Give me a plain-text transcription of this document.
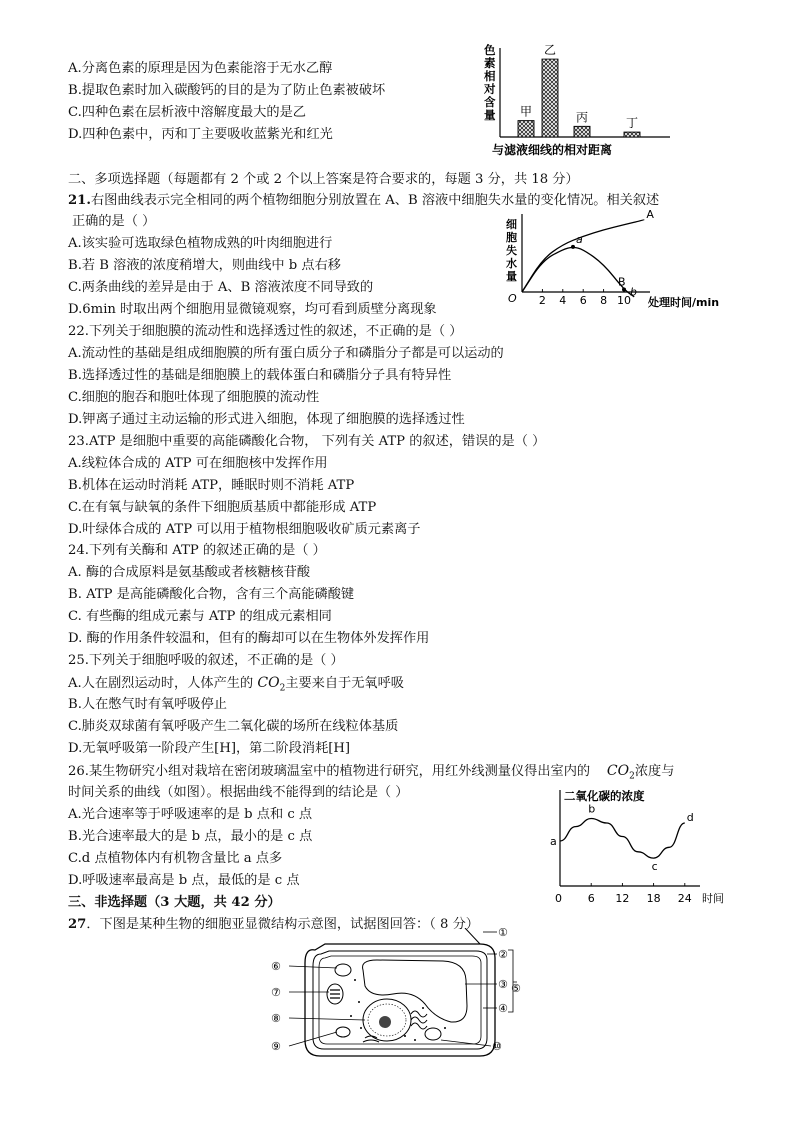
A.分离色素的原理是因为色素能溶于无水乙醇
B.提取色素时加入碳酸钙的目的是为了防止色素被破坏
C.四种色素在层析液中溶解度最大的是乙
D.四种色素中，丙和丁主要吸收蓝紫光和红光
色素相对含量 甲
乙
丙	丁
与滤液细线的相对距离
二、多项选择题（每题都有 2 个或 2 个以上答案是符合要求的，每题 3 分，共 18 分）
21.右图曲线表示完全相同的两个植物细胞分别放置在 A、B 溶液中细胞失水量的变化情况。相关叙述
正确的是（ ）
A.该实验可选取绿色植物成熟的叶肉细胞进行
B.若 B 溶液的浓度稍增大，则曲线中 b 点右移
C.两条曲线的差异是由于 A、B 溶液浓度不同导致的
D.6min 时取出两个细胞用显微镜观察，均可看到质壁分离现象
细胞失水量
O 2 4 6 8 10
A
a
B
b
处理时间/min
22.下列关于细胞膜的流动性和选择透过性的叙述，不正确的是（ ）
A.流动性的基础是组成细胞膜的所有蛋白质分子和磷脂分子都是可以运动的
B.选择透过性的基础是细胞膜上的载体蛋白和磷脂分子具有特异性
C.细胞的胞吞和胞吐体现了细胞膜的流动性
D.钾离子通过主动运输的形式进入细胞，体现了细胞膜的选择透过性
23.ATP 是细胞中重要的高能磷酸化合物， 下列有关 ATP 的叙述，错误的是（ ）
A.线粒体合成的 ATP 可在细胞核中发挥作用
B.机体在运动时消耗 ATP，睡眠时则不消耗 ATP
C.在有氧与缺氧的条件下细胞质基质中都能形成 ATP
D.叶绿体合成的 ATP 可以用于植物根细胞吸收矿质元素离子
24.下列有关酶和 ATP 的叙述正确的是（ ）
A. 酶的合成原料是氨基酸或者核糖核苷酸
B. ATP 是高能磷酸化合物，含有三个高能磷酸键
C. 有些酶的组成元素与 ATP 的组成元素相同
D. 酶的作用条件较温和，但有的酶却可以在生物体外发挥作用
25.下列关于细胞呼吸的叙述，不正确的是（ ）
A.人在剧烈运动时，人体产生的 $CO_2$主要来自于无氧呼吸
B.人在憋气时有氧呼吸停止
C.肺炎双球菌有氧呼吸产生二氧化碳的场所在线粒体基质
D.无氧呼吸第一阶段产生[H]，第二阶段消耗[H]
26.某生物研究小组对栽培在密闭玻璃温室中的植物进行研究，用红外线测量仪得出室内的 $CO_2$浓度与
时间关系的曲线（如图）。根据曲线不能得到的结论是（ ）
A.光合速率等于呼吸速率的是 b 点和 c 点
B.光合速率最大的是 b 点，最小的是 c 点
C.d 点植物体内有机物含量比 a 点多
D.呼吸速率最高是 b 点，最低的是 c 点
二氧化碳的浓度
0 6 12 18 24
a
b
c
d
时间
三、非选择题（3 大题，共 42 分）
27．下图是某种生物的细胞亚显微结构示意图，试据图回答：（ 8 分）
⑥
⑦
⑧
⑨
①
②
③ ⑤
④
⑩
